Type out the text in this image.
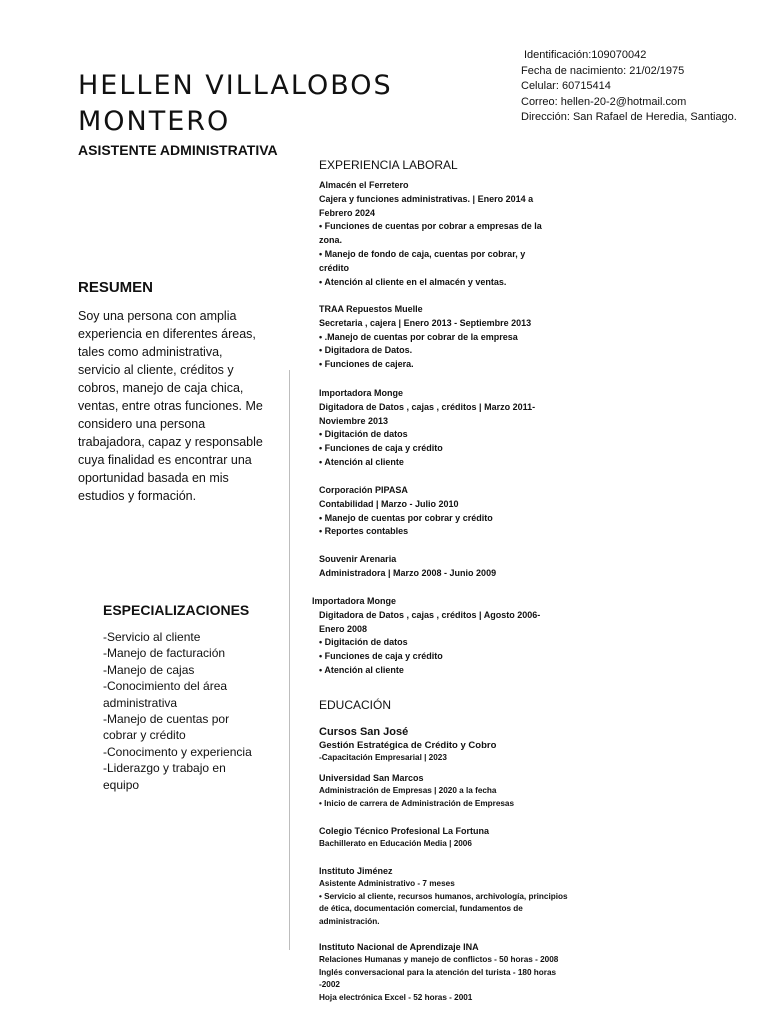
HELLEN VILLALOBOS
MONTERO
ASISTENTE ADMINISTRATIVA
Identificación:109070042
Fecha de nacimiento: 21/02/1975
Celular: 60715414
Correo: hellen-20-2@hotmail.com
Dirección: San Rafael de Heredia, Santiago.
RESUMEN
Soy una persona con amplia experiencia en diferentes áreas, tales como administrativa, servicio al cliente, créditos y cobros, manejo de caja chica, ventas, entre otras funciones. Me considero una persona trabajadora, capaz y responsable cuya finalidad es encontrar una oportunidad basada en mis estudios y formación.
ESPECIALIZACIONES
-Servicio al cliente
-Manejo de facturación
-Manejo de cajas
-Conocimiento del área administrativa
-Manejo de cuentas por cobrar y crédito
-Conocimento y experiencia
-Liderazgo y trabajo en equipo
EXPERIENCIA LABORAL
Almacén el Ferretero
Cajera y funciones administrativas. | Enero 2014 a Febrero 2024
• Funciones de cuentas por cobrar a empresas de la zona.
• Manejo de fondo de caja, cuentas por cobrar, y crédito
• Atención al cliente en el almacén y ventas.
TRAA Repuestos Muelle
Secretaria , cajera | Enero 2013 - Septiembre 2013
• .Manejo de cuentas por cobrar de la empresa
• Digitadora de Datos.
• Funciones de cajera.
Importadora Monge
Digitadora de Datos , cajas , créditos | Marzo 2011-Noviembre 2013
• Digitación de datos
• Funciones de caja y crédito
• Atención al cliente
Corporación PIPASA
Contabilidad | Marzo - Julio 2010
• Manejo de cuentas por cobrar y crédito
• Reportes contables
Souvenir Arenaria
Administradora | Marzo 2008 - Junio 2009
Importadora Monge
Digitadora de Datos , cajas , créditos | Agosto 2006-Enero 2008
• Digitación de datos
• Funciones de caja y crédito
• Atención al cliente
EDUCACIÓN
Cursos San José
Gestión Estratégica de Crédito y Cobro
-Capacitación Empresarial | 2023
Universidad San Marcos
Administración de Empresas | 2020 a la fecha
• Inicio de carrera de Administración de Empresas
Colegio Técnico Profesional La Fortuna
Bachillerato en Educación Media | 2006
Instituto Jiménez
Asistente Administrativo - 7 meses
• Servicio al cliente, recursos humanos, archivología, principios de ética, documentación comercial, fundamentos de administración.
Instituto Nacional de Aprendizaje INA
Relaciones Humanas y manejo de conflictos - 50 horas - 2008
Inglés conversacional para la atención del turista - 180 horas -2002
Hoja electrónica Excel - 52 horas - 2001
